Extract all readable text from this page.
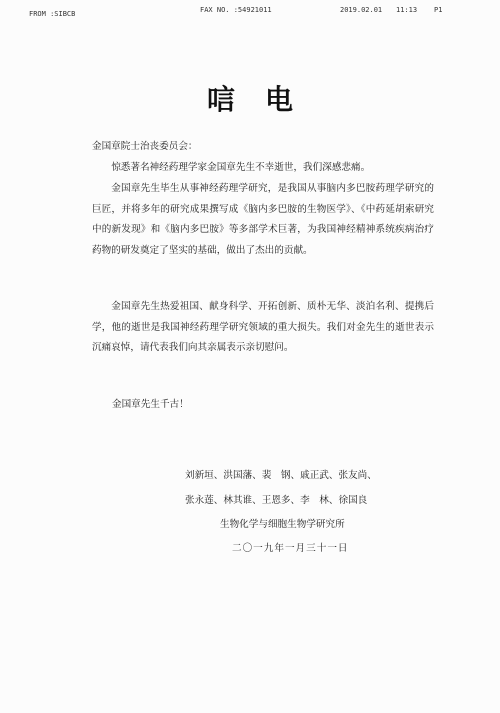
FROM :SIBCB	FAX NO. :54921011	2019.02.01 11:13 P1
唁电
金国章院士治丧委员会：

惊悉著名神经药理学家金国章先生不幸逝世，我们深感悲痛。

金国章先生毕生从事神经药理学研究，是我国从事脑内多巴胺药理学研究的巨匠，并将多年的研究成果撰写成《脑内多巴胺的生物医学》、《中药延胡索研究中的新发现》和《脑内多巴胺》等多部学术巨著，为我国神经精神系统疾病治疗药物的研发奠定了坚实的基础，做出了杰出的贡献。

金国章先生热爱祖国、献身科学、开拓创新、质朴无华、淡泊名利、提携后学，他的逝世是我国神经药理学研究领域的重大损失。我们对金先生的逝世表示沉痛哀悼，请代表我们向其亲属表示亲切慰问。

金国章先生千古！

刘新垣、洪国藩、裴　钢、戚正武、张友尚、
张永莲、林其谁、王恩多、李　林、徐国良
生物化学与细胞生物学研究所
二〇一九年一月三十一日
